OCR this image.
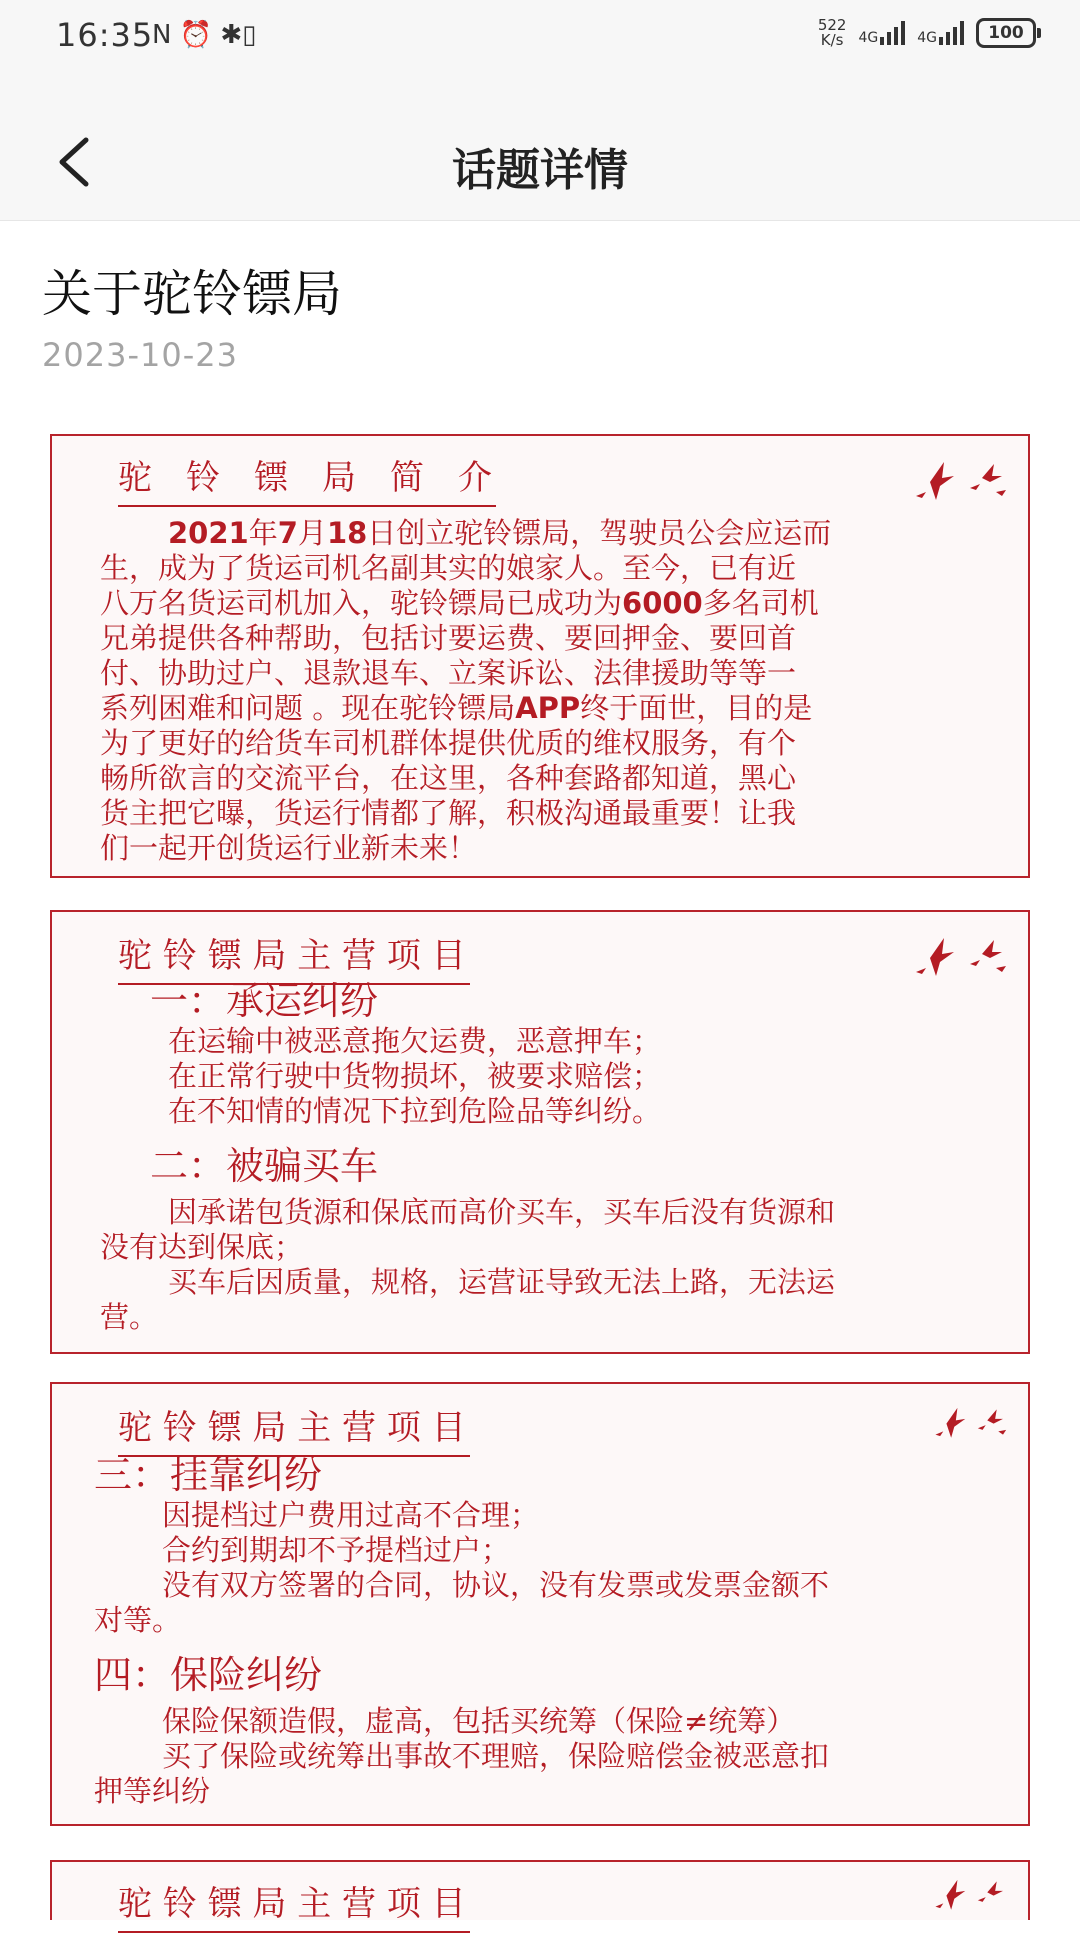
16:35
N ⏰ ✱▯	522
K/s 4G	4G	100
话题详情
关于驼铃镖局
2023-10-23
驼　铃　镖　局　简　介

2021年7月18日创立驼铃镖局，驾驶员公会应运而

生，成为了货运司机名副其实的娘家人。至今，已有近

八万名货运司机加入，驼铃镖局已成功为6000多名司机

兄弟提供各种帮助，包括讨要运费、要回押金、要回首

付、协助过户、退款退车、立案诉讼、法律援助等等一

系列困难和问题 。现在驼铃镖局APP终于面世，目的是

为了更好的给货车司机群体提供优质的维权服务，有个

畅所欲言的交流平台，在这里，各种套路都知道，黑心

货主把它曝，货运行情都了解，积极沟通最重要！让我

们一起开创货运行业新未来！

驼 铃 镖 局 主 营 项 目

一：承运纠纷

在运输中被恶意拖欠运费，恶意押车；

在正常行驶中货物损坏，被要求赔偿；

在不知情的情况下拉到危险品等纠纷。

二：被骗买车

因承诺包货源和保底而高价买车，买车后没有货源和

没有达到保底；

买车后因质量，规格，运营证导致无法上路，无法运

营。

驼 铃 镖 局 主 营 项 目

三：挂靠纠纷

因提档过户费用过高不合理；

合约到期却不予提档过户；

没有双方签署的合同，协议，没有发票或发票金额不

对等。

四：保险纠纷

保险保额造假，虚高，包括买统筹（保险≠统筹）

买了保险或统筹出事故不理赔，保险赔偿金被恶意扣

押等纠纷

驼 铃 镖 局 主 营 项 目
